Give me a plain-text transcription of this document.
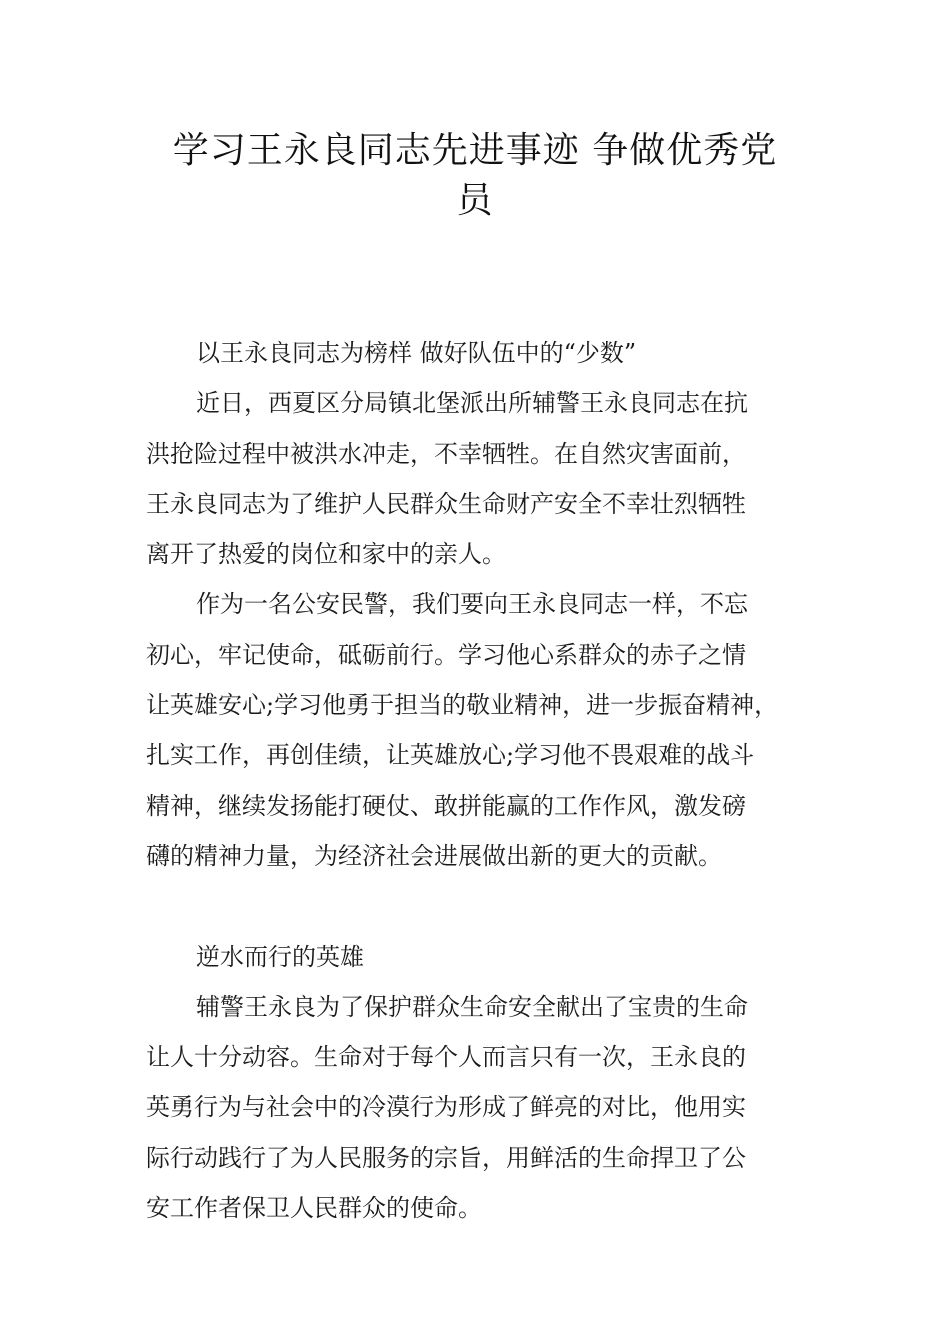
学习王永良同志先进事迹 争做优秀党
员
以王永良同志为榜样 做好队伍中的“少数”
近日，西夏区分局镇北堡派出所辅警王永良同志在抗
洪抢险过程中被洪水冲走，不幸牺牲。在自然灾害面前，
王永良同志为了维护人民群众生命财产安全不幸壮烈牺牲
离开了热爱的岗位和家中的亲人。
作为一名公安民警，我们要向王永良同志一样，不忘
初心，牢记使命，砥砺前行。学习他心系群众的赤子之情
让英雄安心;学习他勇于担当的敬业精神，进一步振奋精神，
扎实工作，再创佳绩，让英雄放心;学习他不畏艰难的战斗
精神，继续发扬能打硬仗、敢拼能赢的工作作风，激发磅
礴的精神力量，为经济社会进展做出新的更大的贡献。
逆水而行的英雄
辅警王永良为了保护群众生命安全献出了宝贵的生命
让人十分动容。生命对于每个人而言只有一次，王永良的
英勇行为与社会中的冷漠行为形成了鲜亮的对比，他用实
际行动践行了为人民服务的宗旨，用鲜活的生命捍卫了公
安工作者保卫人民群众的使命。
